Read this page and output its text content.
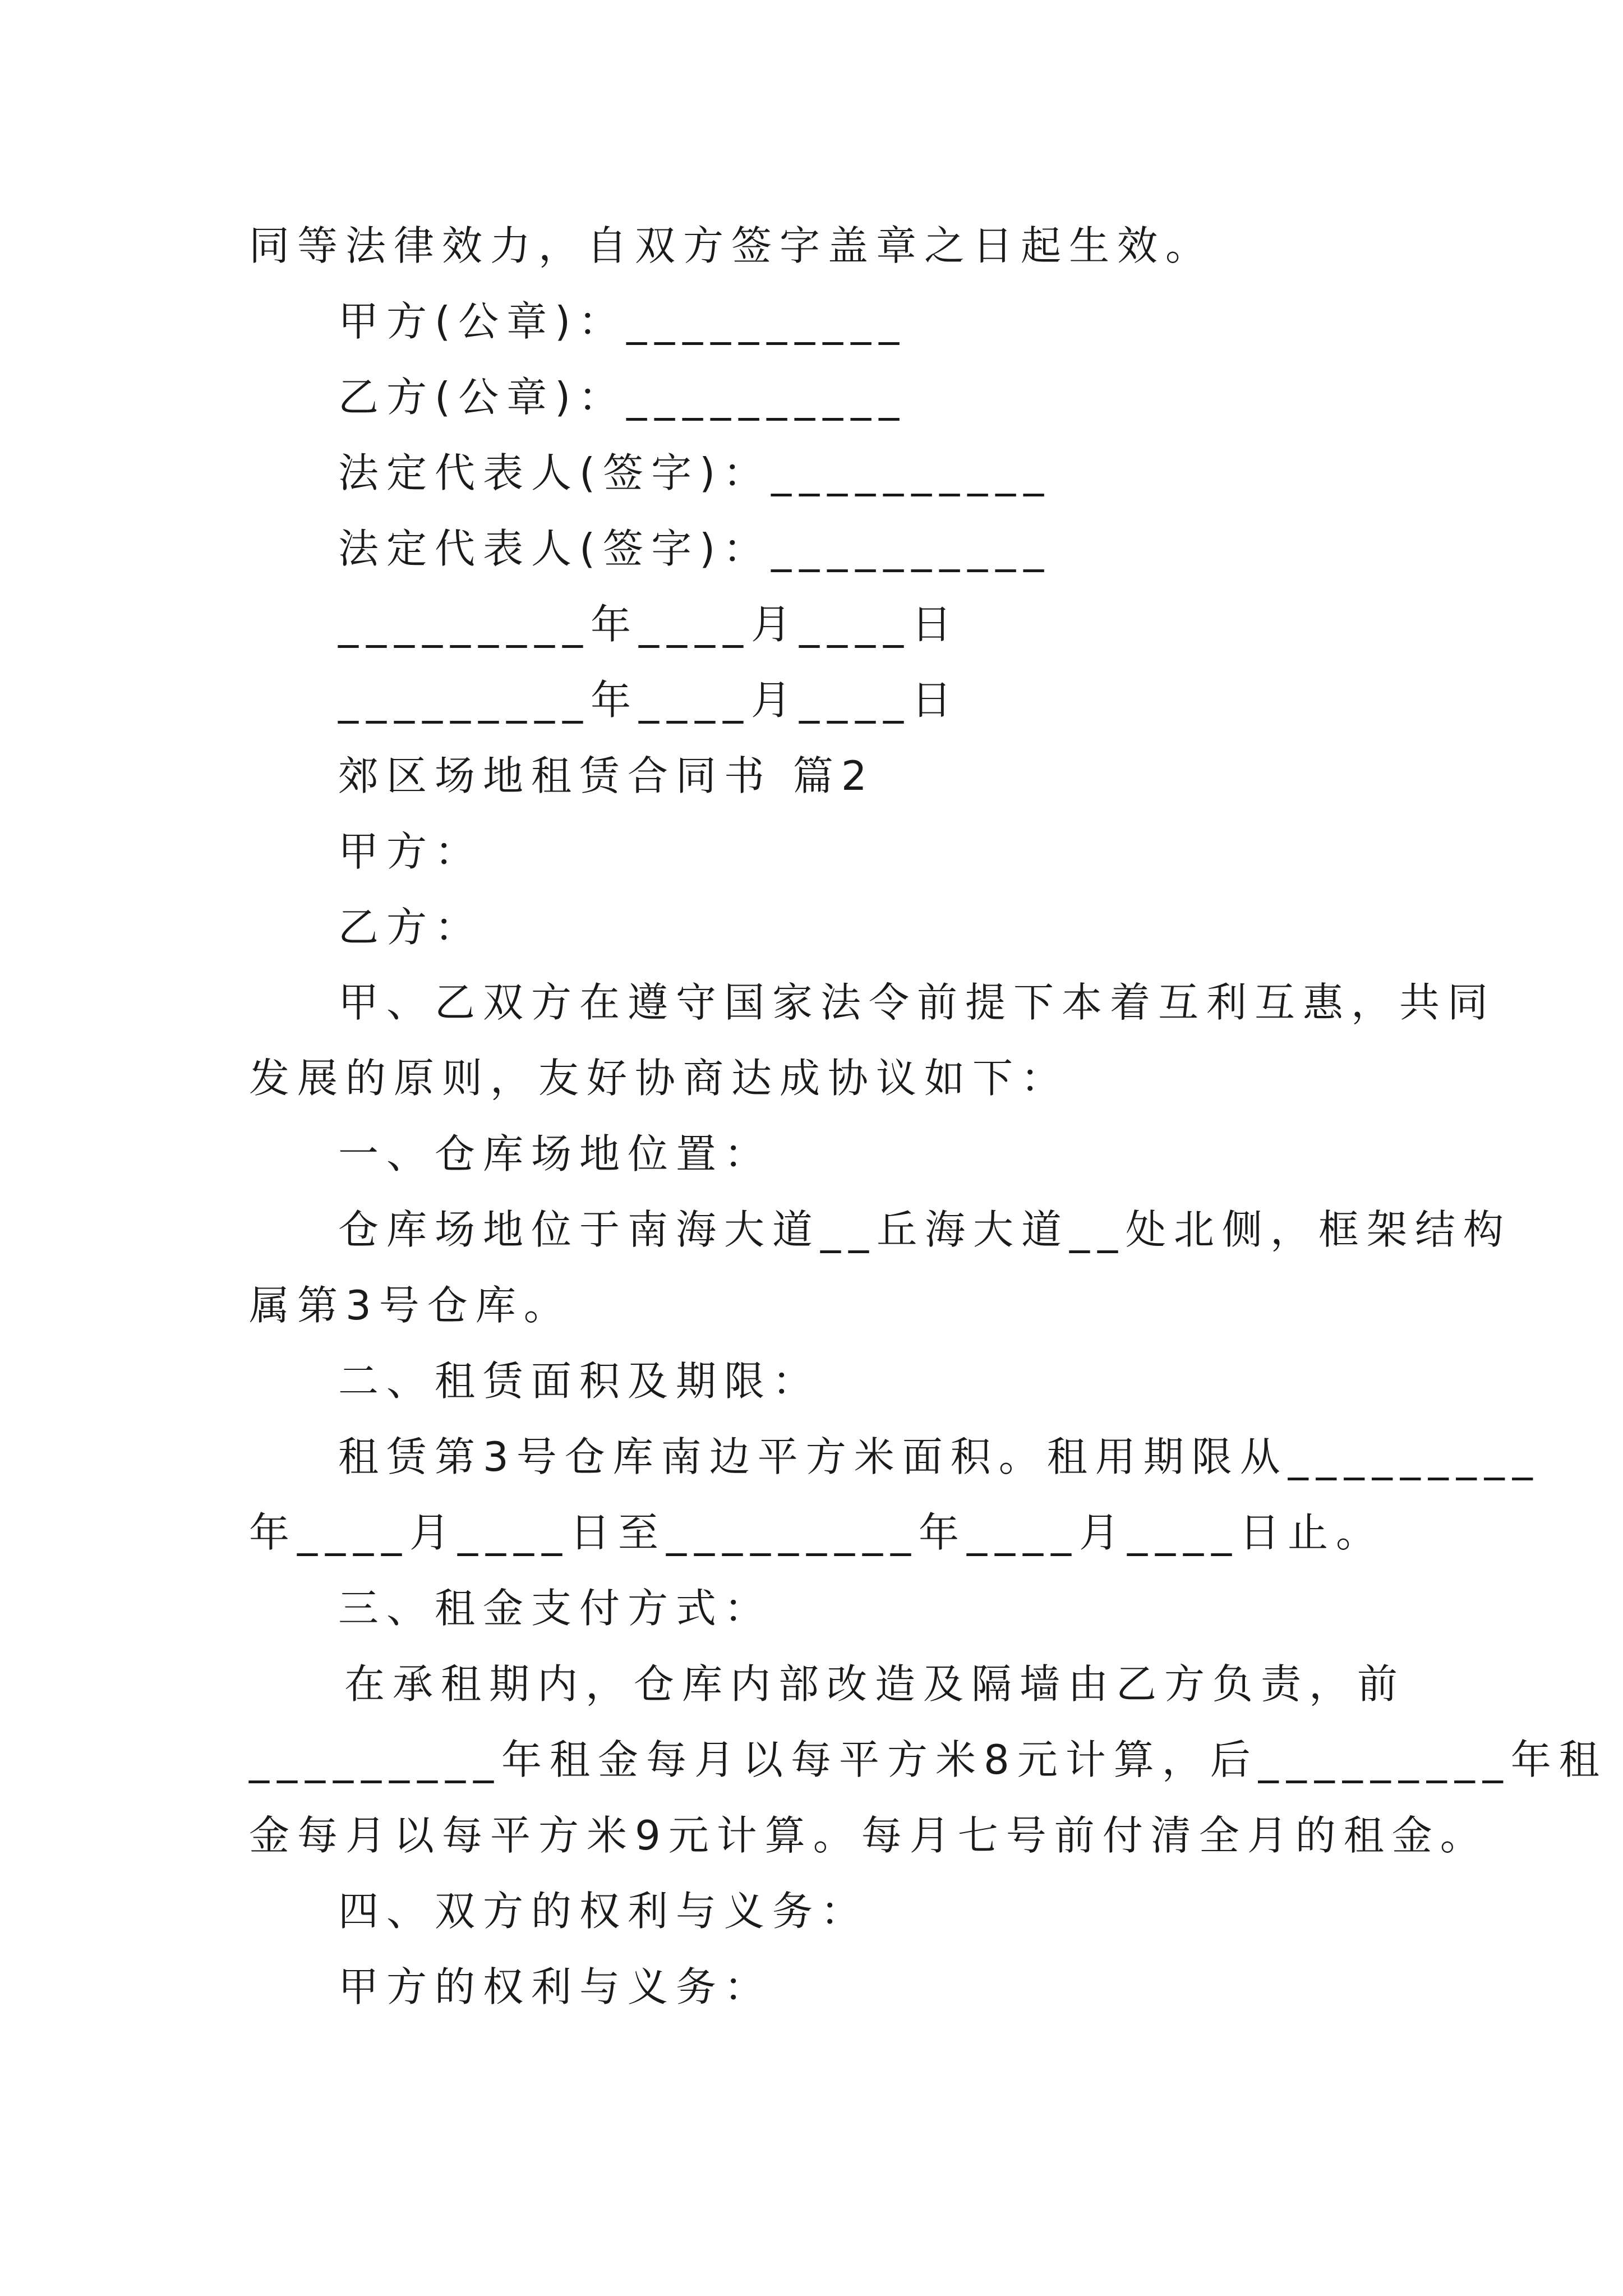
同等法律效力，自双方签字盖章之日起生效。
甲方(公章)：__________
乙方(公章)：__________
法定代表人(签字)：__________
法定代表人(签字)：__________
_________年____月____日
_________年____月____日
郊区场地租赁合同书 篇2
甲方：
乙方：
甲、乙双方在遵守国家法令前提下本着互利互惠，共同
发展的原则，友好协商达成协议如下：
一、仓库场地位置：
仓库场地位于南海大道__丘海大道__处北侧，框架结构
属第3号仓库。
二、租赁面积及期限：
租赁第3号仓库南边平方米面积。租用期限从_________
年____月____日至_________年____月____日止。
三、租金支付方式：
在承租期内，仓库内部改造及隔墙由乙方负责，前
_________年租金每月以每平方米8元计算，后_________年租
金每月以每平方米9元计算。每月七号前付清全月的租金。
四、双方的权利与义务：
甲方的权利与义务：
